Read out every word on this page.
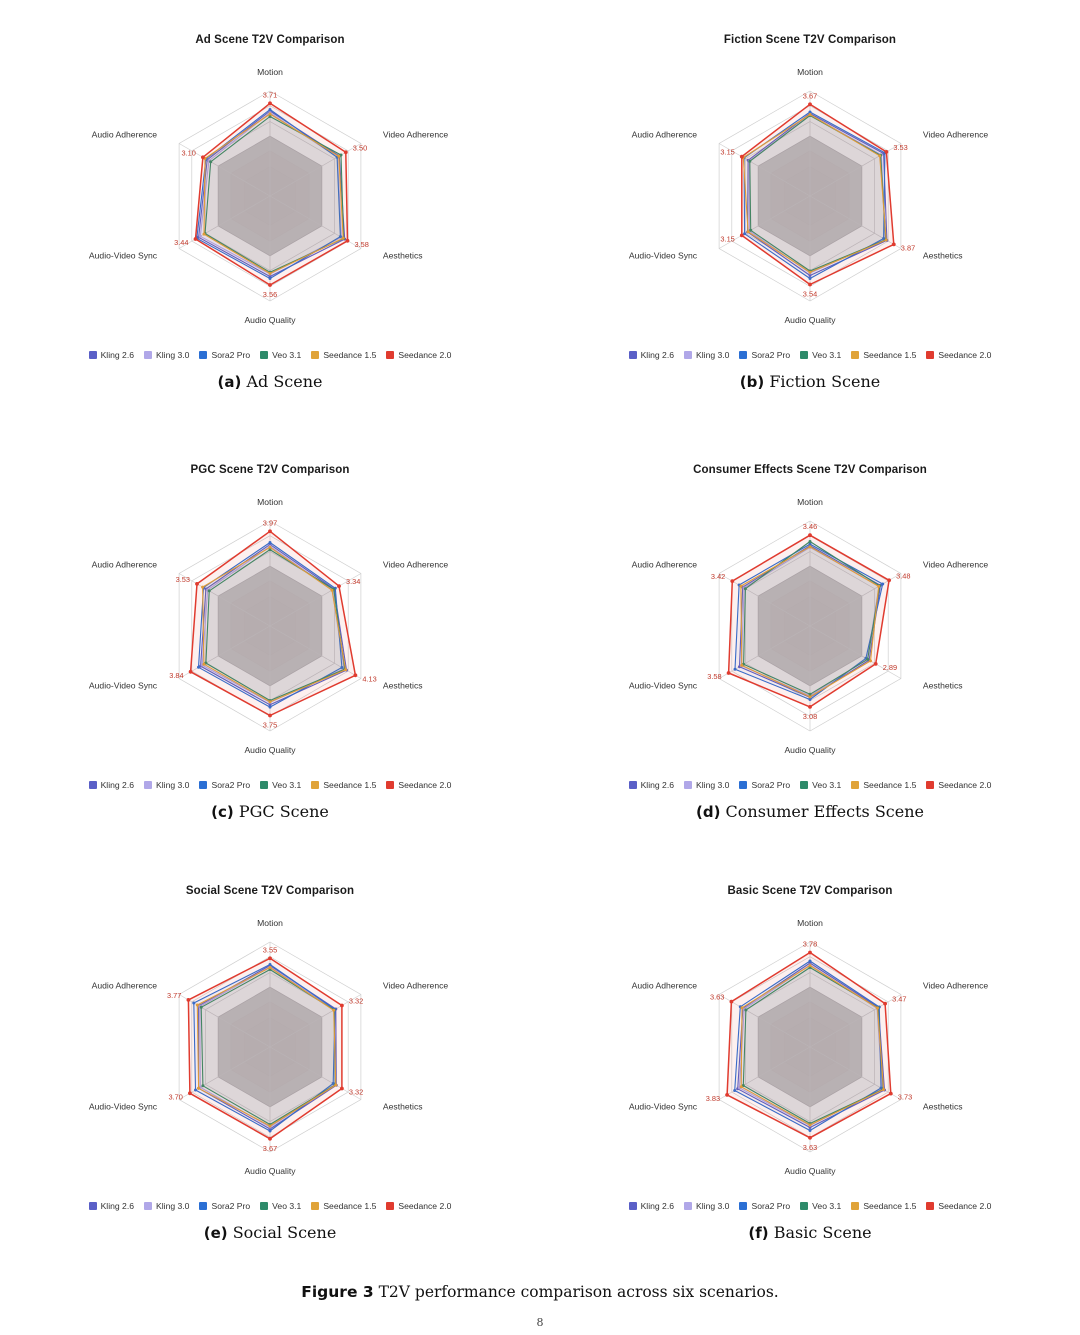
Ad Scene T2V Comparison
Motion
Video Adherence
Aesthetics
Audio Quality
Audio-Video Sync
Audio Adherence
3.71
3.50
3.58
3.56
3.44
3.10
Kling 2.6	Kling 3.0	Sora2 Pro	Veo 3.1	Seedance 1.5	Seedance 2.0
(a) Ad Scene
Fiction Scene T2V Comparison
Motion
Video Adherence
Aesthetics
Audio Quality
Audio-Video Sync
Audio Adherence
3.67
3.53
3.87
3.54
3.15
3.15
Kling 2.6	Kling 3.0	Sora2 Pro	Veo 3.1	Seedance 1.5	Seedance 2.0
(b) Fiction Scene
PGC Scene T2V Comparison
Motion
Video Adherence
Aesthetics
Audio Quality
Audio-Video Sync
Audio Adherence
3.97
3.34
4.13
3.75
3.84
3.53
Kling 2.6	Kling 3.0	Sora2 Pro	Veo 3.1	Seedance 1.5	Seedance 2.0
(c) PGC Scene
Consumer Effects Scene T2V Comparison
Motion
Video Adherence
Aesthetics
Audio Quality
Audio-Video Sync
Audio Adherence
3.46
3.48
2.89
3.08
3.58
3.42
Kling 2.6	Kling 3.0	Sora2 Pro	Veo 3.1	Seedance 1.5	Seedance 2.0
(d) Consumer Effects Scene
Social Scene T2V Comparison
Motion
Video Adherence
Aesthetics
Audio Quality
Audio-Video Sync
Audio Adherence
3.55
3.32
3.32
3.67
3.70
3.77
Kling 2.6	Kling 3.0	Sora2 Pro	Veo 3.1	Seedance 1.5	Seedance 2.0
(e) Social Scene
Basic Scene T2V Comparison
Motion
Video Adherence
Aesthetics
Audio Quality
Audio-Video Sync
Audio Adherence
3.78
3.47
3.73
3.63
3.83
3.63
Kling 2.6	Kling 3.0	Sora2 Pro	Veo 3.1	Seedance 1.5	Seedance 2.0
(f) Basic Scene
Figure 3 T2V performance comparison across six scenarios.
8
